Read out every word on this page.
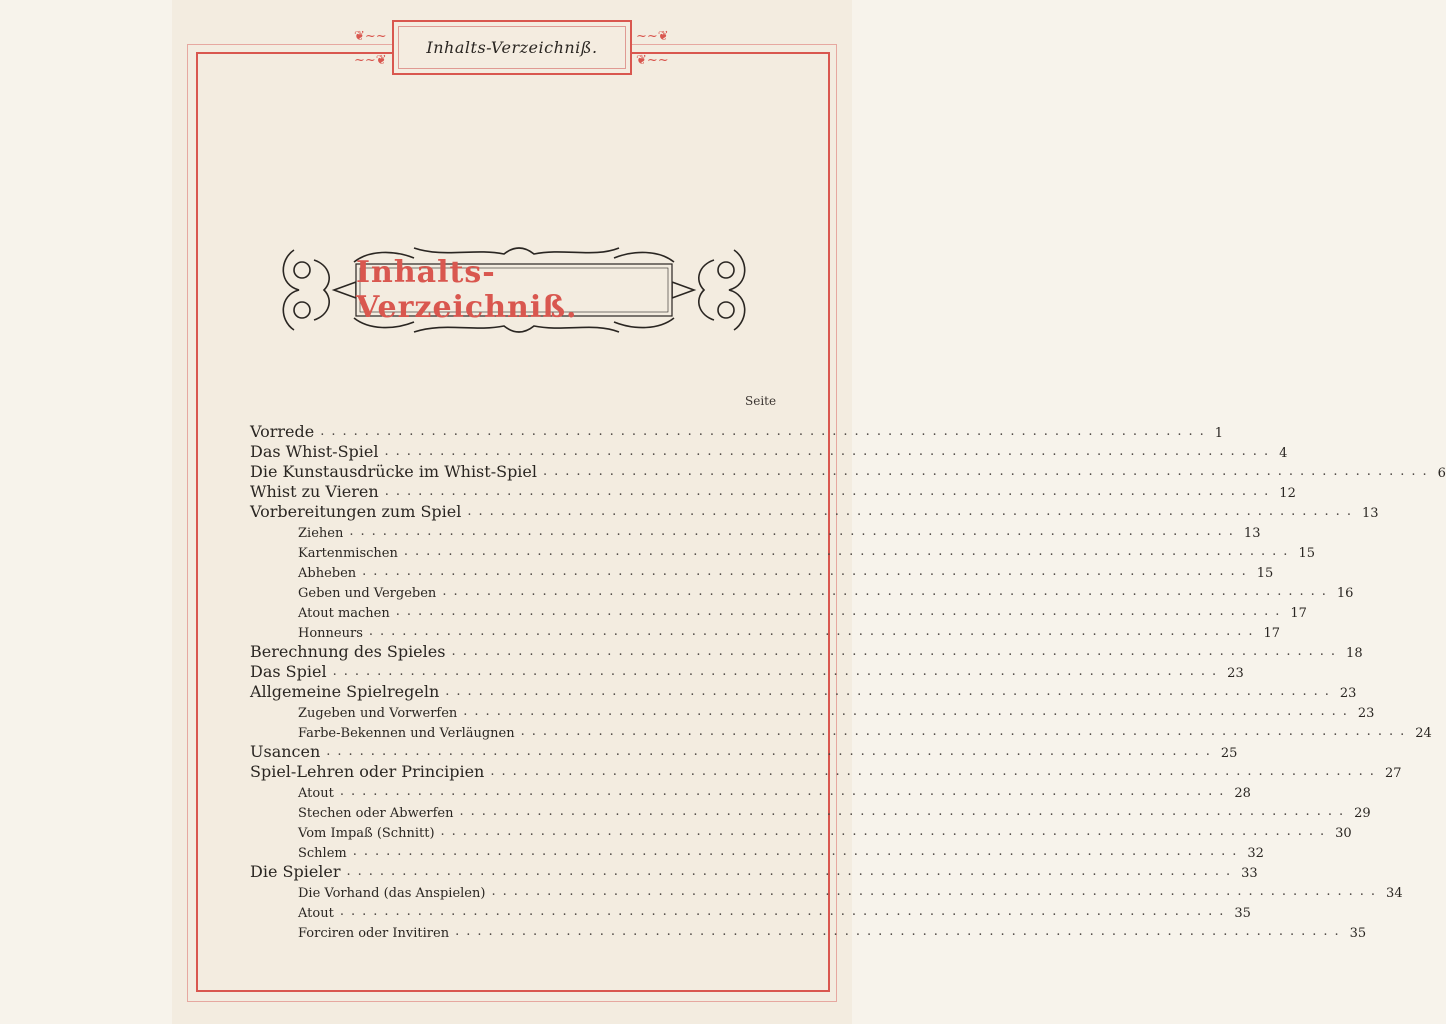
❦~~
~~❦
~~❦
❦~~
Inhalts-Verzeichniß.
Inhalts-Verzeichniß.
Seite
Vorrede ................................................................................ 1
Das Whist-Spiel ................................................................................ 4
Die Kunstausdrücke im Whist-Spiel ................................................................................ 6
Whist zu Vieren ................................................................................ 12
Vorbereitungen zum Spiel ................................................................................ 13
Ziehen ................................................................................ 13
Kartenmischen ................................................................................ 15
Abheben ................................................................................ 15
Geben und Vergeben ................................................................................ 16
Atout machen ................................................................................ 17
Honneurs ................................................................................ 17
Berechnung des Spieles ................................................................................ 18
Das Spiel ................................................................................ 23
Allgemeine Spielregeln ................................................................................ 23
Zugeben und Vorwerfen ................................................................................ 23
Farbe-Bekennen und Verläugnen ................................................................................ 24
Usancen ................................................................................ 25
Spiel-Lehren oder Principien ................................................................................ 27
Atout ................................................................................ 28
Stechen oder Abwerfen ................................................................................ 29
Vom Impaß (Schnitt) ................................................................................ 30
Schlem ................................................................................ 32
Die Spieler ................................................................................ 33
Die Vorhand (das Anspielen) ................................................................................ 34
Atout ................................................................................ 35
Forciren oder Invitiren ................................................................................ 35
